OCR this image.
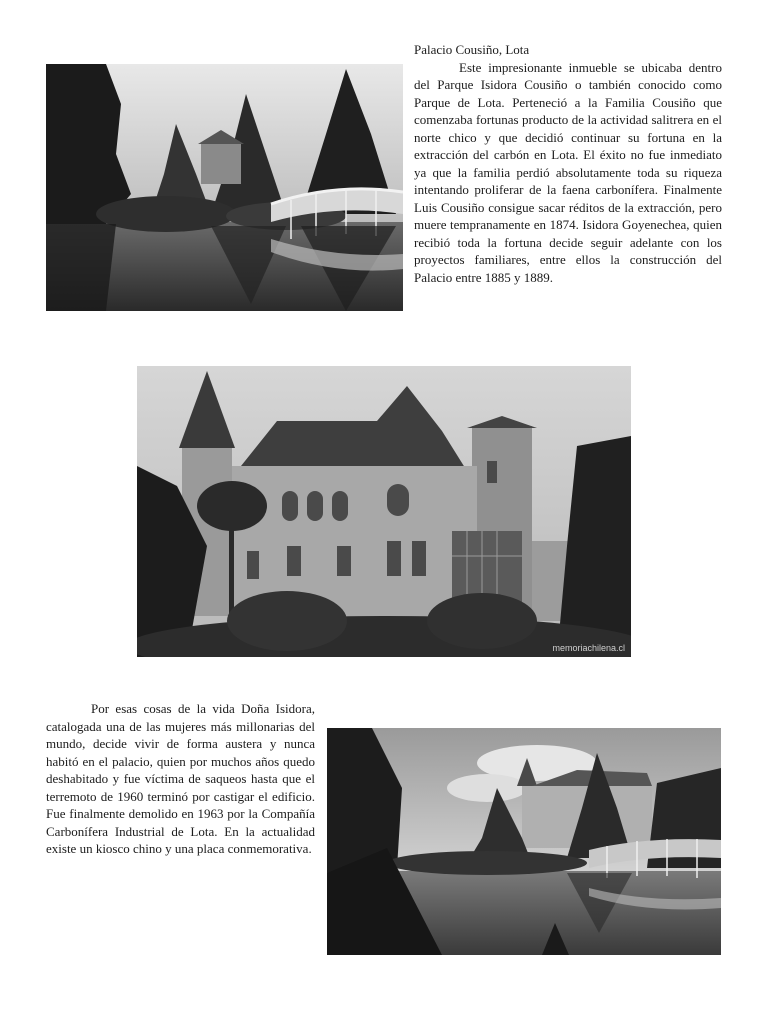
Palacio Cousiño, Lota

Este impresionante inmueble se ubicaba dentro del Parque Isidora Cousiño o también conocido como Parque de Lota. Perteneció a la Familia Cousiño que comenzaba fortunas producto de la actividad salitrera en el norte chico y que decidió continuar su fortuna en la extracción del carbón en Lota. El éxito no fue inmediato ya que la familia perdió absolutamente toda su riqueza intentando proliferar de la faena carbonífera. Finalmente Luis Cousiño consigue sacar réditos de la extracción, pero muere tempranamente en 1874. Isidora Goyenechea, quien recibió toda la fortuna decide seguir adelante con los proyectos familiares, entre ellos la construcción del Palacio entre 1885 y 1889.

memoriachilena.cl

Por esas cosas de la vida Doña Isidora, catalogada una de las mujeres más millonarias del mundo, decide vivir de forma austera y nunca habitó en el palacio, quien por muchos años quedo deshabitado y fue víctima de saqueos hasta que el terremoto de 1960 terminó por castigar el edificio. Fue finalmente demolido en 1963 por la Compañía Carbonífera Industrial de Lota. En la actualidad existe un kiosco chino y una placa conmemorativa.
